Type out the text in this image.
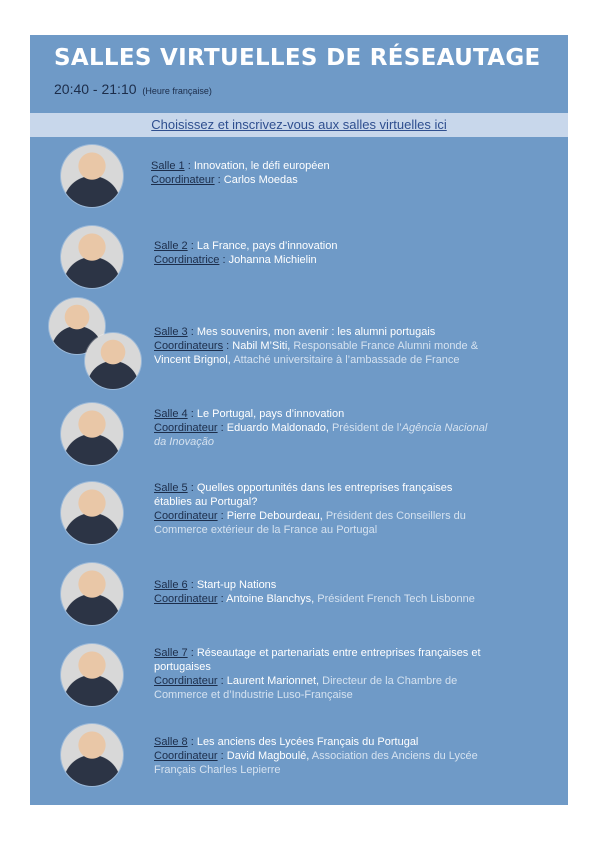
SALLES VIRTUELLES DE RÉSEAUTAGE
20:40 - 21:10 (Heure française)
Choisissez et inscrivez-vous aux salles virtuelles ici
Salle 1 : Innovation, le défi européen
Coordinateur : Carlos Moedas
Salle 2 : La France, pays d’innovation
Coordinatrice : Johanna Michielin
Salle 3 : Mes souvenirs, mon avenir : les alumni portugais
Coordinateurs : Nabil M’Siti, Responsable France Alumni monde &
Vincent Brignol, Attaché universitaire à l’ambassade de France
Salle 4 : Le Portugal, pays d’innovation
Coordinateur : Eduardo Maldonado, Président de l’Agência Nacional
da Inovação
Salle 5 : Quelles opportunités dans les entreprises françaises
établies au Portugal?
Coordinateur : Pierre Debourdeau, Président des Conseillers du
Commerce extérieur de la France au Portugal
Salle 6 : Start-up Nations
Coordinateur : Antoine Blanchys, Président French Tech Lisbonne
Salle 7 : Réseautage et partenariats entre entreprises françaises et
portugaises
Coordinateur : Laurent Marionnet, Directeur de la Chambre de
Commerce et d’Industrie Luso-Française
Salle 8 : Les anciens des Lycées Français du Portugal
Coordinateur : David Magboulé, Association des Anciens du Lycée
Français Charles Lepierre
